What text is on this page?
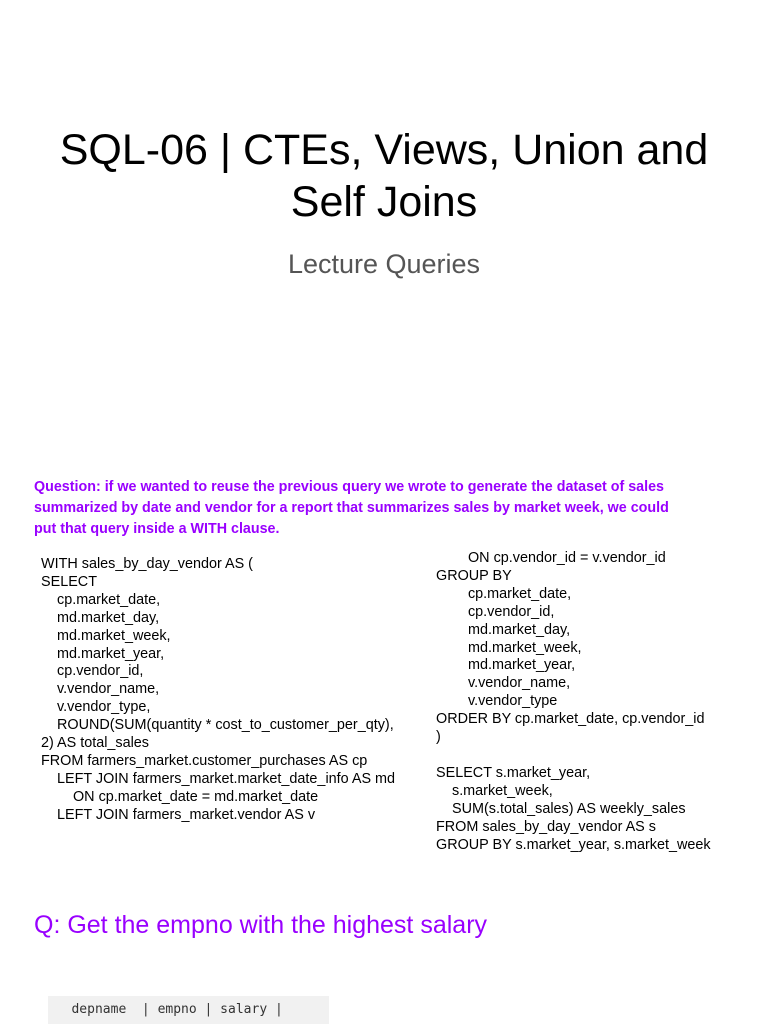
SQL-06 | CTEs, Views, Union and
Self Joins
Lecture Queries
Question: if we wanted to reuse the previous query we wrote to generate the dataset of sales
summarized by date and vendor for a report that summarizes sales by market week, we could
put that query inside a WITH clause.
WITH sales_by_day_vendor AS (
SELECT
cp.market_date,
md.market_day,
md.market_week,
md.market_year,
cp.vendor_id,
v.vendor_name,
v.vendor_type,
ROUND(SUM(quantity * cost_to_customer_per_qty),
2) AS total_sales
FROM farmers_market.customer_purchases AS cp
LEFT JOIN farmers_market.market_date_info AS md
ON cp.market_date = md.market_date
LEFT JOIN farmers_market.vendor AS v
ON cp.vendor_id = v.vendor_id
GROUP BY
cp.market_date,
cp.vendor_id,
md.market_day,
md.market_week,
md.market_year,
v.vendor_name,
v.vendor_type
ORDER BY cp.market_date, cp.vendor_id
)

SELECT s.market_year,
s.market_week,
SUM(s.total_sales) AS weekly_sales
FROM sales_by_day_vendor AS s
GROUP BY s.market_year, s.market_week
Q: Get the empno with the highest salary
depname  | empno | salary |
